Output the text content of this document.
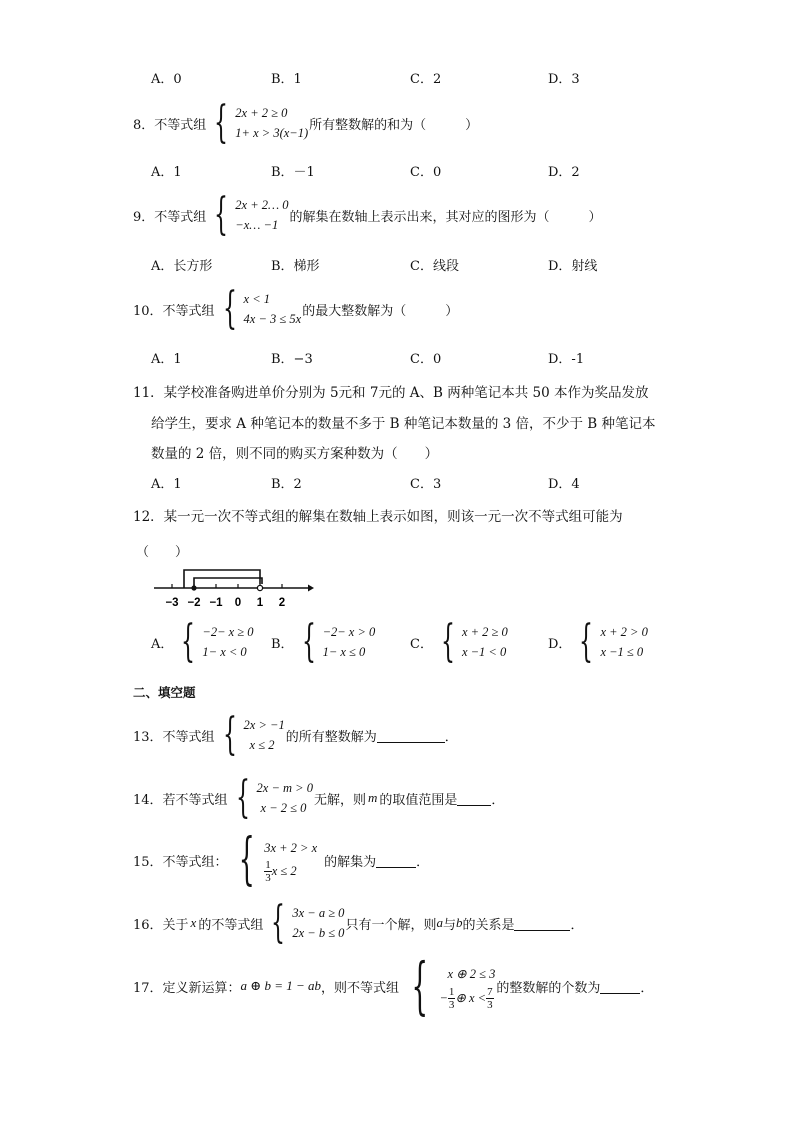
A．0	B．1	C．2	D．3
8．不等式组 { 2x + 2 ≥ 0
1+ x > 3(x−1)
所有整数解的和为（　　　）
A．1	B．－1	C．0	D．2
9．不等式组 { 2x + 2… 0
−x… −1
的解集在数轴上表示出来，其对应的图形为（　　　）
A．长方形	B．梯形	C．线段	D．射线
10．不等式组 { x < 1
4x − 3 ≤ 5x
的最大整数解为（　　　）
A．1	B．−3	C．0	D．-1
11．某学校准备购进单价分别为 5元和 7元的 A、B 两种笔记本共 50 本作为奖品发放
给学生，要求 A 种笔记本的数量不多于 B 种笔记本数量的 3 倍，不少于 B 种笔记本
数量的 2 倍，则不同的购买方案种数为（　　）
A．1	B．2	C．3	D．4
12．某一元一次不等式组的解集在数轴上表示如图，则该一元一次不等式组可能为
（　　）
−3 −2 −1 0 1 2
A． { −2− x ≥ 0
1− x < 0
B． { −2− x > 0
1− x ≤ 0
C． { x + 2 ≥ 0
x −1 < 0
D． { x + 2 > 0
x −1 ≤ 0
二、填空题
13．不等式组 { 2x > −1
x ≤ 2
的所有整数解为	．
14．若不等式组 { 2x − m > 0
x − 2 ≤ 0
无解，则 m 的取值范围是	．
15．不等式组： { 3x + 2 > x
$\frac{1}{3}$ x ≤ 2
的解集为	．
16．关于 x 的不等式组 { 3x − a ≥ 0
2x − b ≤ 0
只有一个解，则 a 与 b 的关系是	．
17．定义新运算： a ⊕ b = 1 − ab ，则不等式组 {	x ⊕ 2 ≤ 3
− $\frac{1}{3}$ ⊕ $x < \frac{7}{3}$ 的整数解的个数为	．
